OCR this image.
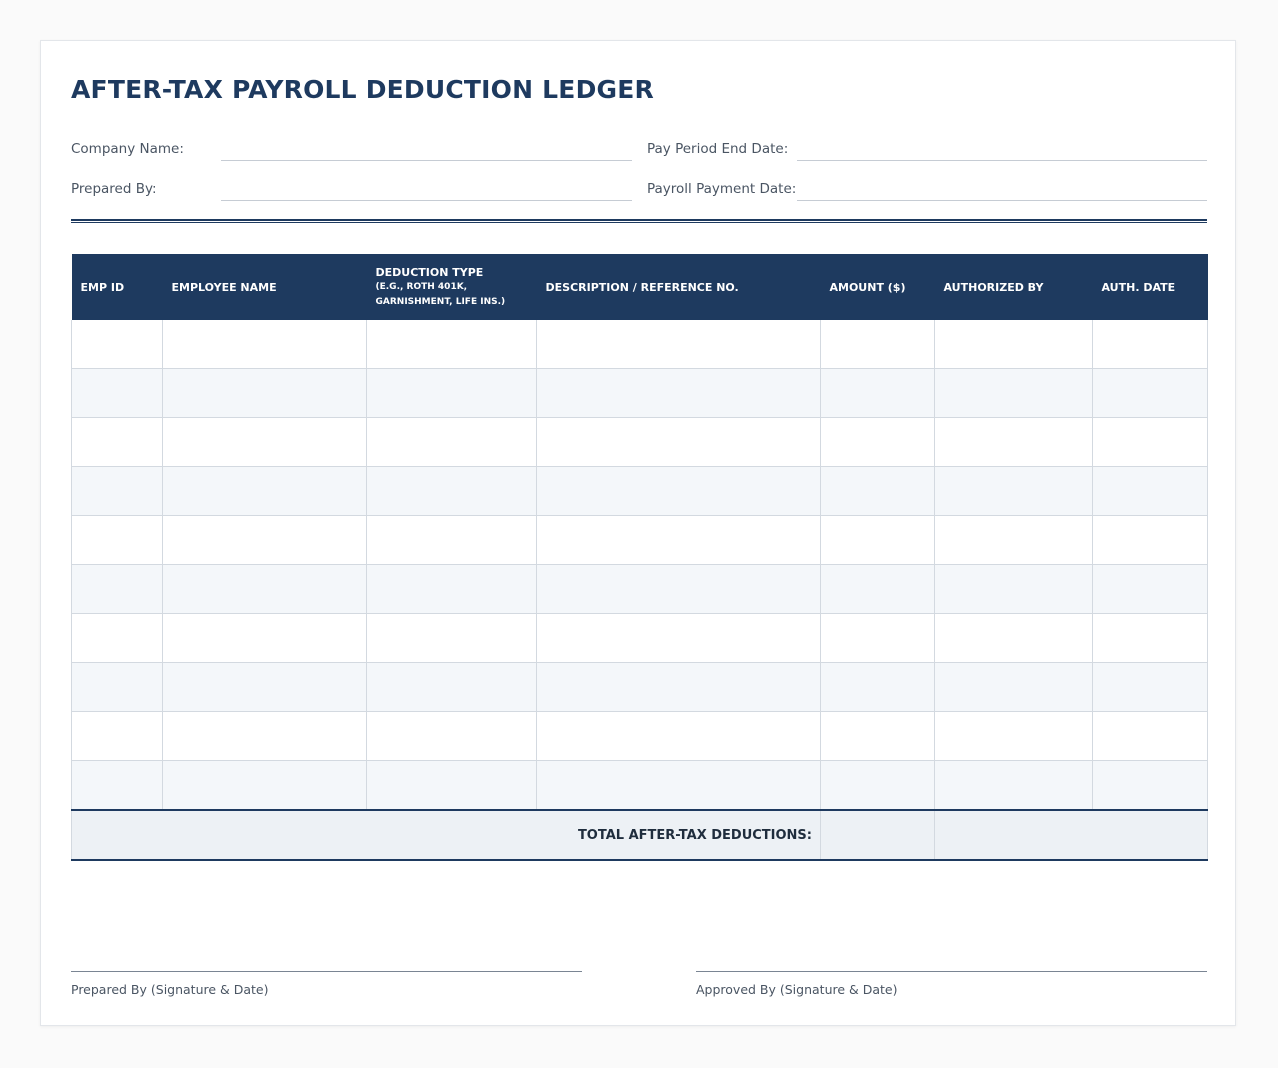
AFTER-TAX PAYROLL DEDUCTION LEDGER
Company Name:	Pay Period End Date:
Prepared By:	Payroll Payment Date:
EMP ID	EMPLOYEE NAME	DEDUCTION TYPE
(E.G., ROTH 401K,
GARNISHMENT, LIFE INS.)	DESCRIPTION / REFERENCE NO.	AMOUNT ($)	AUTHORIZED BY	AUTH. DATE

TOTAL AFTER-TAX DEDUCTIONS:						
Prepared By (Signature & Date)	Approved By (Signature & Date)
